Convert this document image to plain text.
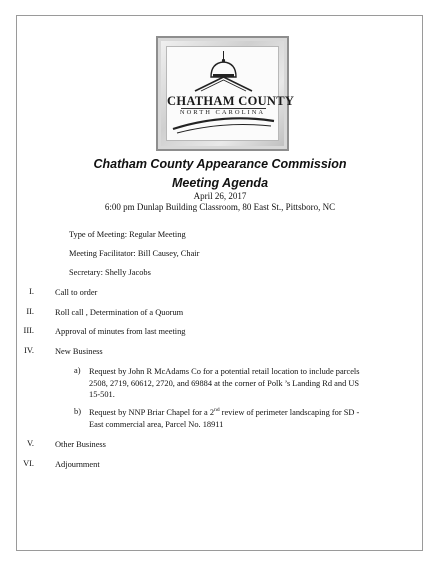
CHATHAM COUNTY
NORTH CAROLINA
Chatham County Appearance Commission
Meeting Agenda
April 26, 2017
6:00 pm Dunlap Building Classroom, 80 East St., Pittsboro, NC
Type of Meeting: Regular Meeting
Meeting Facilitator: Bill Causey, Chair
Secretary: Shelly Jacobs
I.	Call to order
II.	Roll call , Determination of a Quorum
III.	Approval of minutes from last meeting
IV.	New Business
a) Request by John R McAdams Co for a potential retail location to include parcels
2508, 2719, 60612, 2720, and 69884 at the corner of Polk ’s Landing Rd and US
15-501.
b) Request by NNP Briar Chapel for a 2nd review of perimeter landscaping for SD -
East commercial area, Parcel No. 18911
V.	Other Business
VI.	Adjournment
